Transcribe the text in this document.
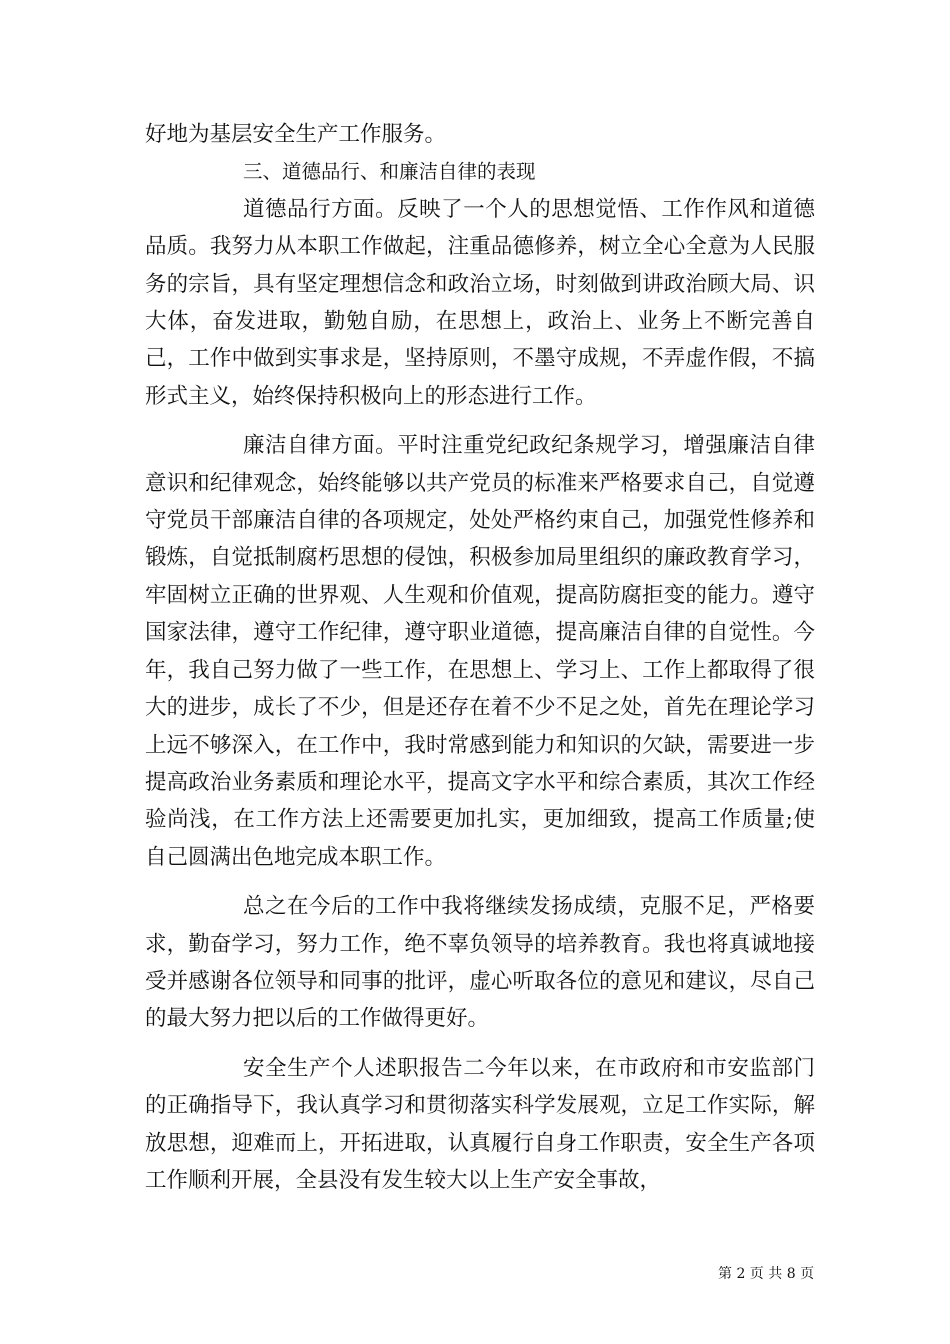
好地为基层安全生产工作服务。

三、道德品行、和廉洁自律的表现

道德品行方面。反映了一个人的思想觉悟、工作作风和道德品质。我努力从本职工作做起，注重品德修养，树立全心全意为人民服务的宗旨，具有坚定理想信念和政治立场，时刻做到讲政治顾大局、识大体，奋发进取，勤勉自励，在思想上，政治上、业务上不断完善自己，工作中做到实事求是，坚持原则，不墨守成规，不弄虚作假，不搞形式主义，始终保持积极向上的形态进行工作。

廉洁自律方面。平时注重党纪政纪条规学习，增强廉洁自律意识和纪律观念，始终能够以共产党员的标准来严格要求自己，自觉遵守党员干部廉洁自律的各项规定，处处严格约束自己，加强党性修养和锻炼，自觉抵制腐朽思想的侵蚀，积极参加局里组织的廉政教育学习，牢固树立正确的世界观、人生观和价值观，提高防腐拒变的能力。遵守国家法律，遵守工作纪律，遵守职业道德，提高廉洁自律的自觉性。今年，我自己努力做了一些工作，在思想上、学习上、工作上都取得了很大的进步，成长了不少，但是还存在着不少不足之处，首先在理论学习上远不够深入，在工作中，我时常感到能力和知识的欠缺，需要进一步提高政治业务素质和理论水平，提高文字水平和综合素质，其次工作经验尚浅，在工作方法上还需要更加扎实，更加细致，提高工作质量;使自己圆满出色地完成本职工作。

总之在今后的工作中我将继续发扬成绩，克服不足，严格要求，勤奋学习，努力工作，绝不辜负领导的培养教育。我也将真诚地接受并感谢各位领导和同事的批评，虚心听取各位的意见和建议，尽自己的最大努力把以后的工作做得更好。

安全生产个人述职报告二今年以来，在市政府和市安监部门的正确指导下，我认真学习和贯彻落实科学发展观，立足工作实际，解放思想，迎难而上，开拓进取，认真履行自身工作职责，安全生产各项工作顺利开展，全县没有发生较大以上生产安全事故，

第 2 页 共 8 页
